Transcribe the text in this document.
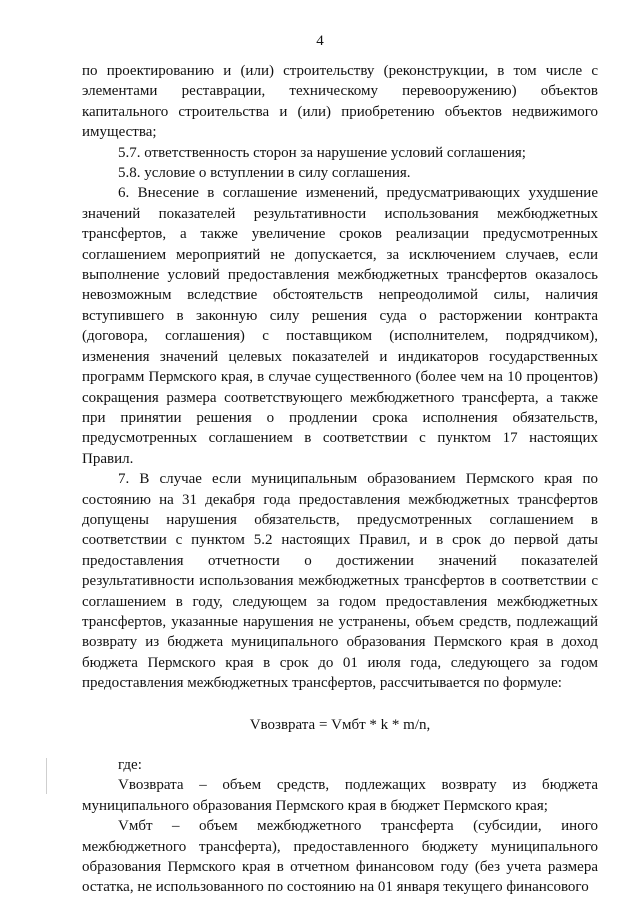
4

по проектированию и (или) строительству (реконструкции, в том числе с элементами реставрации, техническому перевооружению) объектов капитального строительства и (или) приобретению объектов недвижимого имущества;

5.7. ответственность сторон за нарушение условий соглашения;

5.8. условие о вступлении в силу соглашения.

6. Внесение в соглашение изменений, предусматривающих ухудшение значений показателей результативности использования межбюджетных трансфертов, а также увеличение сроков реализации предусмотренных соглашением мероприятий не допускается, за исключением случаев, если выполнение условий предоставления межбюджетных трансфертов оказалось невозможным вследствие обстоятельств непреодолимой силы, наличия вступившего в законную силу решения суда о расторжении контракта (договора, соглашения) с поставщиком (исполнителем, подрядчиком), изменения значений целевых показателей и индикаторов государственных программ Пермского края, в случае существенного (более чем на 10 процентов) сокращения размера соответствующего межбюджетного трансферта, а также при принятии решения о продлении срока исполнения обязательств, предусмотренных соглашением в соответствии с пунктом 17 настоящих Правил.

7. В случае если муниципальным образованием Пермского края по состоянию на 31 декабря года предоставления межбюджетных трансфертов допущены нарушения обязательств, предусмотренных соглашением в соответствии с пунктом 5.2 настоящих Правил, и в срок до первой даты предоставления отчетности о достижении значений показателей результативности использования межбюджетных трансфертов в соответствии с соглашением в году, следующем за годом предоставления межбюджетных трансфертов, указанные нарушения не устранены, объем средств, подлежащий возврату из бюджета муниципального образования Пермского края в доход бюджета Пермского края в срок до 01 июля года, следующего за годом предоставления межбюджетных трансфертов, рассчитывается по формуле:

Vвозврата = Vмбт * k * m/n,

где:

Vвозврата – объем средств, подлежащих возврату из бюджета муниципального образования Пермского края в бюджет Пермского края;

Vмбт – объем межбюджетного трансферта (субсидии, иного межбюджетного трансферта), предоставленного бюджету муниципального образования Пермского края в отчетном финансовом году (без учета размера остатка, не использованного по состоянию на 01 января текущего финансового
